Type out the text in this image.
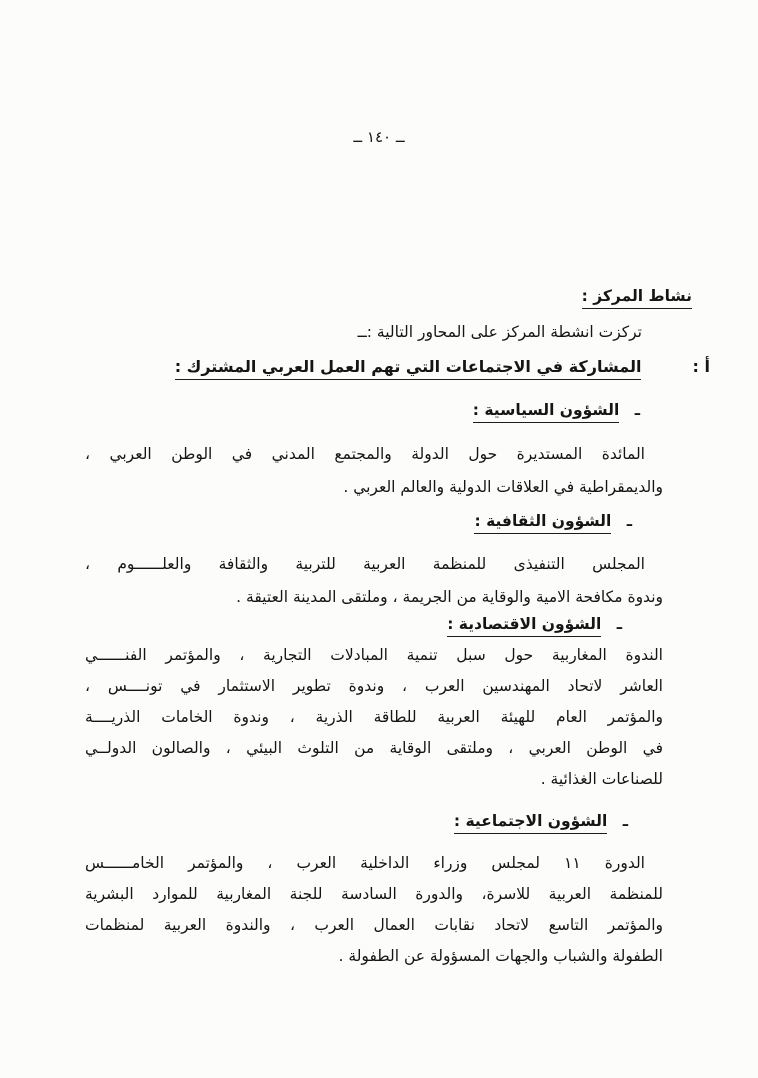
ــ ١٤٠ ــ
نشاط المركز :
تركزت انشطة المركز على المحاور التالية :ــ
أ : المشاركة في الاجتماعات التي تهم العمل العربي المشترك :
ـ الشؤون السياسية :
المائدة المستديرة حول الدولة والمجتمع المدني في الوطن العربي ،
والديمقراطية في العلاقات الدولية والعالم العربي .
ـ الشؤون الثقافية :
المجلس التنفيذى للمنظمة العربية للتربية والثقافة والعلــــــوم ،
وندوة مكافحة الامية والوقاية من الجريمة ، وملتقى المدينة العتيقة .
ـ الشؤون الاقتصادية :
الندوة المغاربية حول سبل تنمية المبادلات التجارية ، والمؤتمر الفنــــــي
العاشر لاتحاد المهندسين العرب ، وندوة تطوير الاستثمار في تونــــس ،
والمؤتمر العام للهيئة العربية للطاقة الذرية ، وندوة الخامات الذريــــة
في الوطن العربي ، وملتقى الوقاية من التلوث البيئي ، والصالون الدولــي
للصناعات الغذائية .
ـ الشؤون الاجتماعية :
الدورة ١١ لمجلس وزراء الداخلية العرب ، والمؤتمر الخامــــــس
للمنظمة العربية للاسرة، والدورة السادسة للجنة المغاربية للموارد البشرية
والمؤتمر التاسع لاتحاد نقابات العمال العرب ، والندوة العربية لمنظمات
الطفولة والشباب والجهات المسؤولة عن الطفولة .
